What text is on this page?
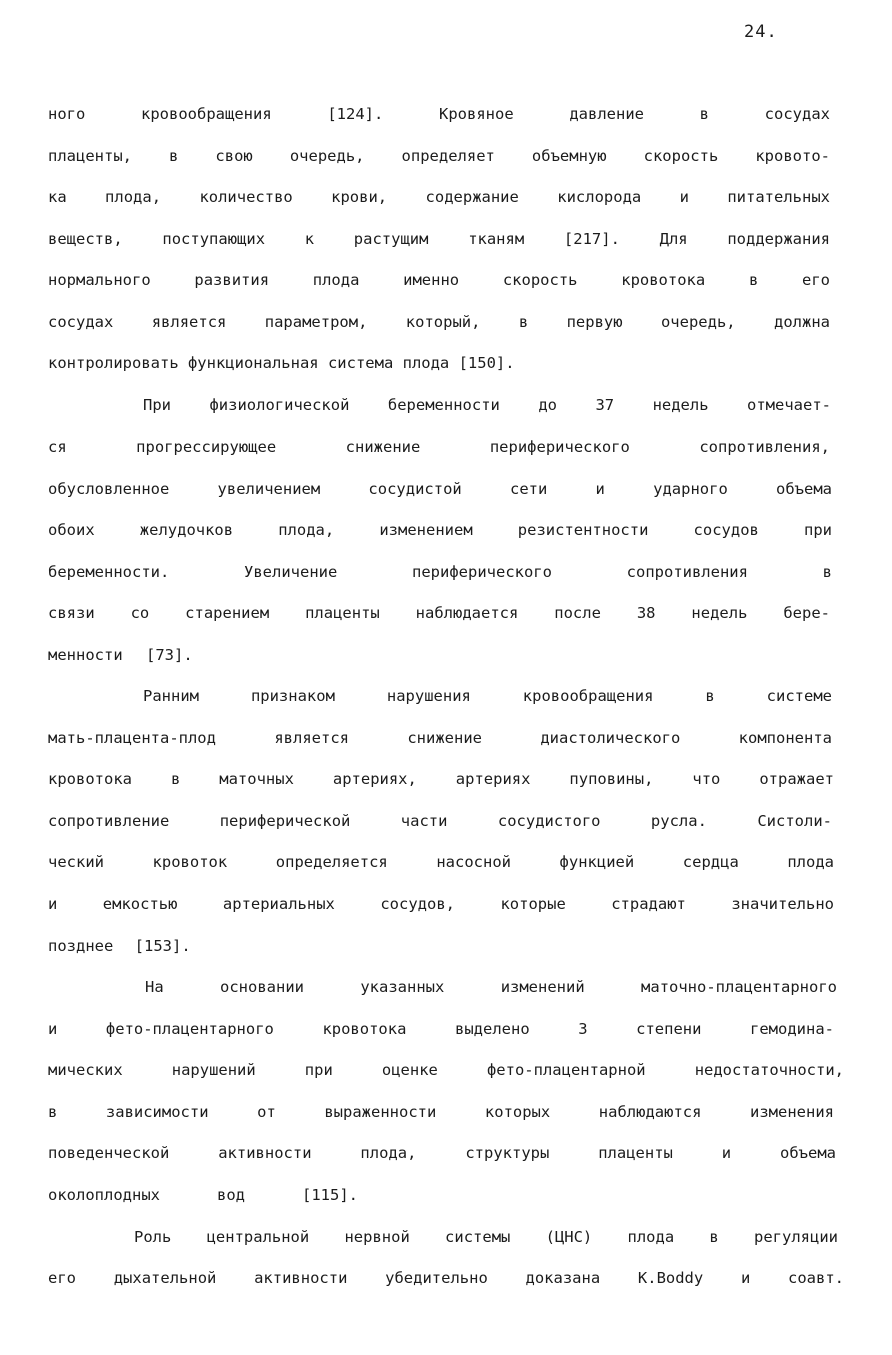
24.
ного кровообращения [124]. Кровяное давление в сосудах
плаценты, в свою очередь, определяет объемную скорость кровото-
ка плода, количество крови, содержание кислорода и питательных
веществ, поступающих к растущим тканям [217]. Для поддержания
нормального развития плода именно скорость кровотока в его
сосудах является параметром, который, в первую очередь, должна
контролировать функциональная система плода [150].
При физиологической беременности до 37 недель отмечает-
ся прогрессирующее снижение периферического сопротивления,
обусловленное увеличением сосудистой сети и ударного объема
обоих желудочков плода, изменением резистентности сосудов при
беременности. Увеличение периферического сопротивления в
связи со старением плаценты наблюдается после 38 недель бере-
менности [73].
Ранним признаком нарушения кровообращения в системе
мать-плацента-плод является снижение диастолического компонента
кровотока в маточных артериях, артериях пуповины, что отражает
сопротивление периферической части сосудистого русла. Систоли-
ческий кровоток определяется насосной функцией сердца плода
и емкостью артериальных сосудов, которые страдают значительно
позднее [153].
На основании указанных изменений маточно-плацентарного
и фето-плацентарного кровотока выделено 3 степени гемодина-
мических нарушений при оценке фето-плацентарной недостаточности,
в зависимости от выраженности которых наблюдаются изменения
поведенческой активности плода, структуры плаценты и объема
околоплодных вод [115].
Роль центральной нервной системы (ЦНС) плода в регуляции
его дыхательной активности убедительно доказана K.Boddy и соавт.
